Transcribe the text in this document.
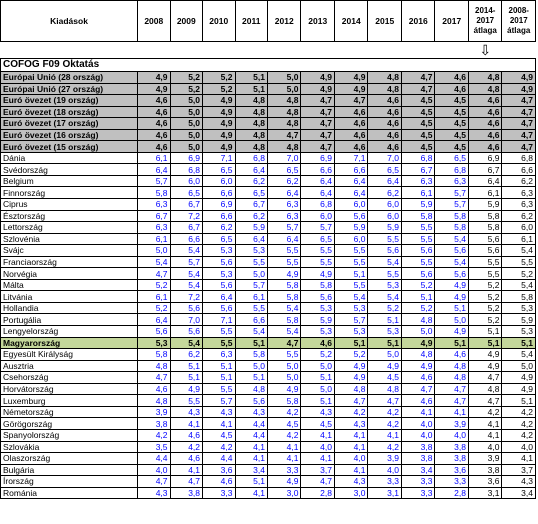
											⇩	
Kiadások	2008	2009	2010	2011	2012	2013	2014	2015	2016	2017	2014-2017 átlaga	2008-2017 átlaga
COFOG F09 Oktatás												
Európai Unió (28 ország)	4,9	5,2	5,2	5,1	5,0	4,9	4,9	4,8	4,7	4,6	4,8	4,9
Európai Unió (27 ország)	4,9	5,2	5,2	5,1	5,0	4,9	4,9	4,8	4,7	4,6	4,8	4,9
Euró övezet (19 ország)	4,6	5,0	4,9	4,8	4,8	4,7	4,7	4,6	4,5	4,5	4,6	4,7
Euró övezet (18 ország)	4,6	5,0	4,9	4,8	4,8	4,7	4,6	4,6	4,5	4,5	4,6	4,7
Euró övezet (17 ország)	4,6	5,0	4,9	4,8	4,8	4,7	4,6	4,6	4,5	4,5	4,6	4,7
Euró övezet (16 ország)	4,6	5,0	4,9	4,8	4,7	4,7	4,6	4,6	4,5	4,5	4,6	4,7
Euró övezet (15 ország)	4,6	5,0	4,9	4,8	4,8	4,7	4,6	4,6	4,5	4,5	4,6	4,7
Dánia	6,1	6,9	7,1	6,8	7,0	6,9	7,1	7,0	6,8	6,5	6,9	6,8
Svédország	6,4	6,8	6,5	6,4	6,5	6,6	6,6	6,5	6,7	6,8	6,7	6,6
Belgium	5,7	6,0	6,0	6,2	6,2	6,4	6,4	6,4	6,3	6,3	6,4	6,2
Finnország	5,8	6,5	6,6	6,5	6,4	6,4	6,4	6,2	6,1	5,7	6,1	6,3
Ciprus	6,3	6,7	6,9	6,7	6,3	6,8	6,0	6,0	5,9	5,7	5,9	6,3
Észtország	6,7	7,2	6,6	6,2	6,3	6,0	5,6	6,0	5,8	5,8	5,8	6,2
Lettország	6,3	6,7	6,2	5,9	5,7	5,7	5,9	5,9	5,5	5,8	5,8	6,0
Szlovénia	6,1	6,6	6,5	6,4	6,4	6,5	6,0	5,5	5,5	5,4	5,6	6,1
Svájc	5,0	5,4	5,3	5,3	5,5	5,5	5,5	5,6	5,6	5,6	5,6	5,4
Franciaország	5,4	5,7	5,6	5,5	5,5	5,5	5,5	5,4	5,5	5,4	5,5	5,5
Norvégia	4,7	5,4	5,3	5,0	4,9	4,9	5,1	5,5	5,6	5,6	5,5	5,2
Málta	5,2	5,4	5,6	5,7	5,8	5,8	5,5	5,3	5,2	4,9	5,2	5,4
Litvánia	6,1	7,2	6,4	6,1	5,8	5,6	5,4	5,4	5,1	4,9	5,2	5,8
Hollandia	5,2	5,6	5,6	5,5	5,4	5,3	5,3	5,2	5,2	5,1	5,2	5,3
Portugália	6,4	7,0	7,1	6,6	5,8	5,9	5,7	5,1	4,8	5,0	5,2	5,9
Lengyelország	5,6	5,6	5,5	5,4	5,4	5,3	5,3	5,3	5,0	4,9	5,1	5,3
Magyarország	5,3	5,4	5,5	5,1	4,7	4,6	5,1	5,1	4,9	5,1	5,1	5,1
Egyesült Királyság	5,8	6,2	6,3	5,8	5,5	5,2	5,2	5,0	4,8	4,6	4,9	5,4
Ausztria	4,8	5,1	5,1	5,0	5,0	5,0	4,9	4,9	4,9	4,8	4,9	5,0
Csehország	4,7	5,1	5,1	5,1	5,0	5,1	4,9	4,5	4,6	4,8	4,7	4,9
Horvátország	4,6	4,9	5,5	4,8	4,9	5,0	4,8	4,8	4,7	4,7	4,8	4,9
Luxemburg	4,8	5,5	5,7	5,6	5,8	5,1	4,7	4,7	4,6	4,7	4,7	5,1
Németország	3,9	4,3	4,3	4,3	4,2	4,3	4,2	4,2	4,1	4,1	4,2	4,2
Görögország	3,8	4,1	4,1	4,4	4,5	4,5	4,3	4,2	4,0	3,9	4,1	4,2
Spanyolország	4,2	4,6	4,5	4,4	4,2	4,1	4,1	4,1	4,0	4,0	4,1	4,2
Szlovákia	3,5	4,2	4,2	4,1	4,1	4,0	4,1	4,2	3,8	3,8	4,0	4,0
Olaszország	4,4	4,6	4,4	4,1	4,1	4,1	4,0	3,9	3,8	3,8	3,9	4,1
Bulgária	4,0	4,1	3,6	3,4	3,3	3,7	4,1	4,0	3,4	3,6	3,8	3,7
Írország	4,7	4,7	4,6	5,1	4,9	4,7	4,3	3,3	3,3	3,3	3,6	4,3
Románia	4,3	3,8	3,3	4,1	3,0	2,8	3,0	3,1	3,3	2,8	3,1	3,4
